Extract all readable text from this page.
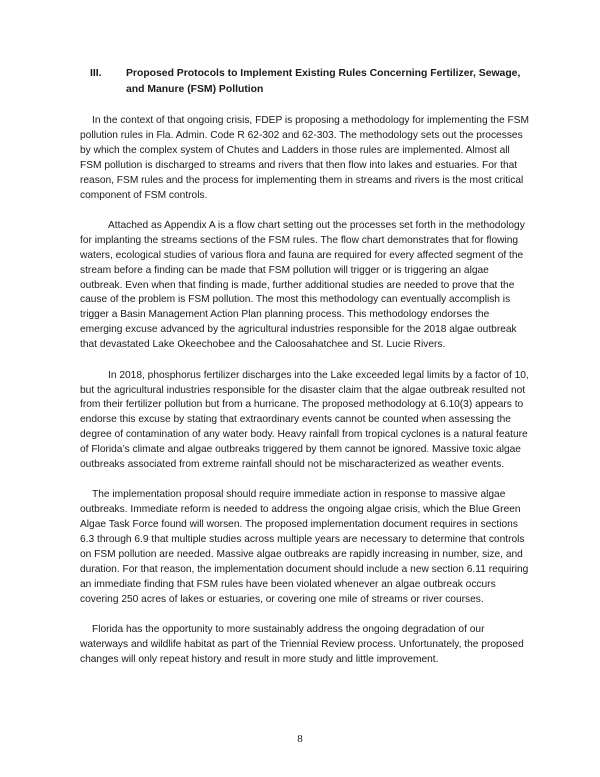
III.	Proposed Protocols to Implement Existing Rules Concerning Fertilizer, Sewage, and Manure (FSM) Pollution

In the context of that ongoing crisis, FDEP is proposing a methodology for implementing the FSM pollution rules in Fla. Admin. Code R 62-302 and 62-303. The methodology sets out the processes by which the complex system of Chutes and Ladders in those rules are implemented. Almost all FSM pollution is discharged to streams and rivers that then flow into lakes and estuaries. For that reason, FSM rules and the process for implementing them in streams and rivers is the most critical component of FSM controls.

Attached as Appendix A is a flow chart setting out the processes set forth in the methodology for implanting the streams sections of the FSM rules. The flow chart demonstrates that for flowing waters, ecological studies of various flora and fauna are required for every affected segment of the stream before a finding can be made that FSM pollution will trigger or is triggering an algae outbreak. Even when that finding is made, further additional studies are needed to prove that the cause of the problem is FSM pollution. The most this methodology can eventually accomplish is trigger a Basin Management Action Plan planning process. This methodology endorses the emerging excuse advanced by the agricultural industries responsible for the 2018 algae outbreak that devastated Lake Okeechobee and the Caloosahatchee and St. Lucie Rivers.

In 2018, phosphorus fertilizer discharges into the Lake exceeded legal limits by a factor of 10, but the agricultural industries responsible for the disaster claim that the algae outbreak resulted not from their fertilizer pollution but from a hurricane. The proposed methodology at 6.10(3) appears to endorse this excuse by stating that extraordinary events cannot be counted when assessing the degree of contamination of any water body. Heavy rainfall from tropical cyclones is a natural feature of Florida’s climate and algae outbreaks triggered by them cannot be ignored. Massive toxic algae outbreaks associated from extreme rainfall should not be mischaracterized as weather events.

The implementation proposal should require immediate action in response to massive algae outbreaks. Immediate reform is needed to address the ongoing algae crisis, which the Blue Green Algae Task Force found will worsen. The proposed implementation document requires in sections 6.3 through 6.9 that multiple studies across multiple years are necessary to determine that controls on FSM pollution are needed. Massive algae outbreaks are rapidly increasing in number, size, and duration. For that reason, the implementation document should include a new section 6.11 requiring an immediate finding that FSM rules have been violated whenever an algae outbreak occurs covering 250 acres of lakes or estuaries, or covering one mile of streams or river courses.

Florida has the opportunity to more sustainably address the ongoing degradation of our waterways and wildlife habitat as part of the Triennial Review process. Unfortunately, the proposed changes will only repeat history and result in more study and little improvement.

8
